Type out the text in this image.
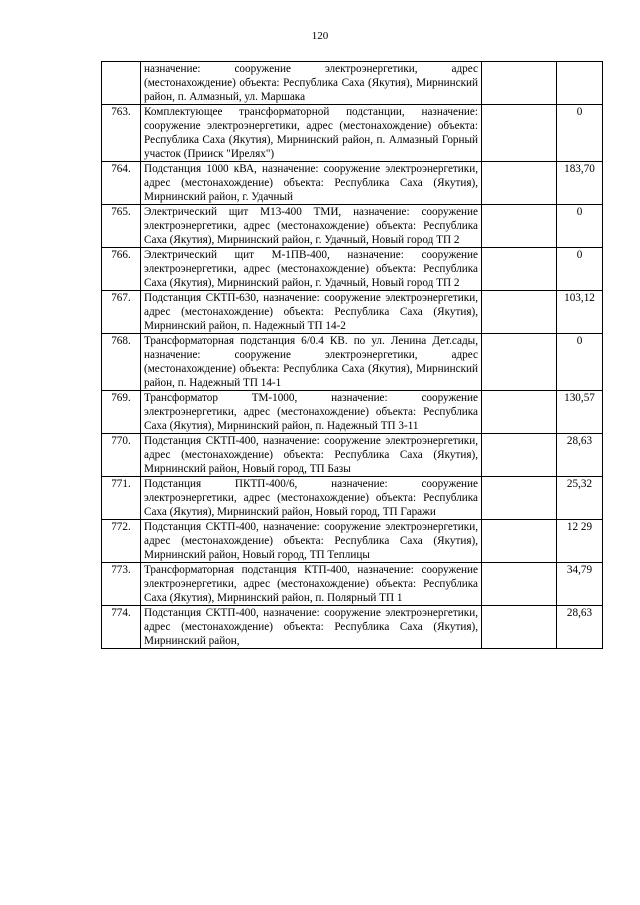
120
	назначение: сооружение электроэнергетики, адрес (местонахождение) объекта: Республика Саха (Якутия), Мирнинский район, п. Алмазный, ул. Маршака		
763.	Комплектующее трансформаторной подстанции, назначение: сооружение электроэнергетики, адрес (местонахождение) объекта: Республика Саха (Якутия), Мирнинский район, п. Алмазный Горный участок (Прииск "Ирелях")		0
764.	Подстанция 1000 кВА, назначение: сооружение электроэнергетики, адрес (местонахождение) объекта: Республика Саха (Якутия), Мирнинский район, г. Удачный		183,70
765.	Электрический щит М13-400 ТМИ, назначение: сооружение электроэнергетики, адрес (местонахождение) объекта: Республика Саха (Якутия), Мирнинский район, г. Удачный, Новый город ТП 2		0
766.	Электрический щит М-1ПВ-400, назначение: сооружение электроэнергетики, адрес (местонахождение) объекта: Республика Саха (Якутия), Мирнинский район, г. Удачный, Новый город ТП 2		0
767.	Подстанция СКТП-630, назначение: сооружение электроэнергетики, адрес (местонахождение) объекта: Республика Саха (Якутия), Мирнинский район, п. Надежный ТП 14-2		103,12
768.	Трансформаторная подстанция 6/0.4 КВ. по ул. Ленина Дет.сады, назначение: сооружение электроэнергетики, адрес (местонахождение) объекта: Республика Саха (Якутия), Мирнинский район, п. Надежный ТП 14-1		0
769.	Трансформатор ТМ-1000, назначение: сооружение электроэнергетики, адрес (местонахождение) объекта: Республика Саха (Якутия), Мирнинский район, п. Надежный ТП 3-11		130,57
770.	Подстанция СКТП-400, назначение: сооружение электроэнергетики, адрес (местонахождение) объекта: Республика Саха (Якутия), Мирнинский район, Новый город, ТП Базы		28,63
771.	Подстанция ПКТП-400/6, назначение: сооружение электроэнергетики, адрес (местонахождение) объекта: Республика Саха (Якутия), Мирнинский район, Новый город, ТП Гаражи		25,32
772.	Подстанция СКТП-400, назначение: сооружение электроэнергетики, адрес (местонахождение) объекта: Республика Саха (Якутия), Мирнинский район, Новый город, ТП Теплицы		12 29
773.	Трансформаторная подстанция КТП-400, назначение: сооружение электроэнергетики, адрес (местонахождение) объекта: Республика Саха (Якутия), Мирнинский район, п. Полярный ТП 1		34,79
774.	Подстанция СКТП-400, назначение: сооружение электроэнергетики, адрес (местонахождение) объекта: Республика Саха (Якутия), Мирнинский район,		28,63
